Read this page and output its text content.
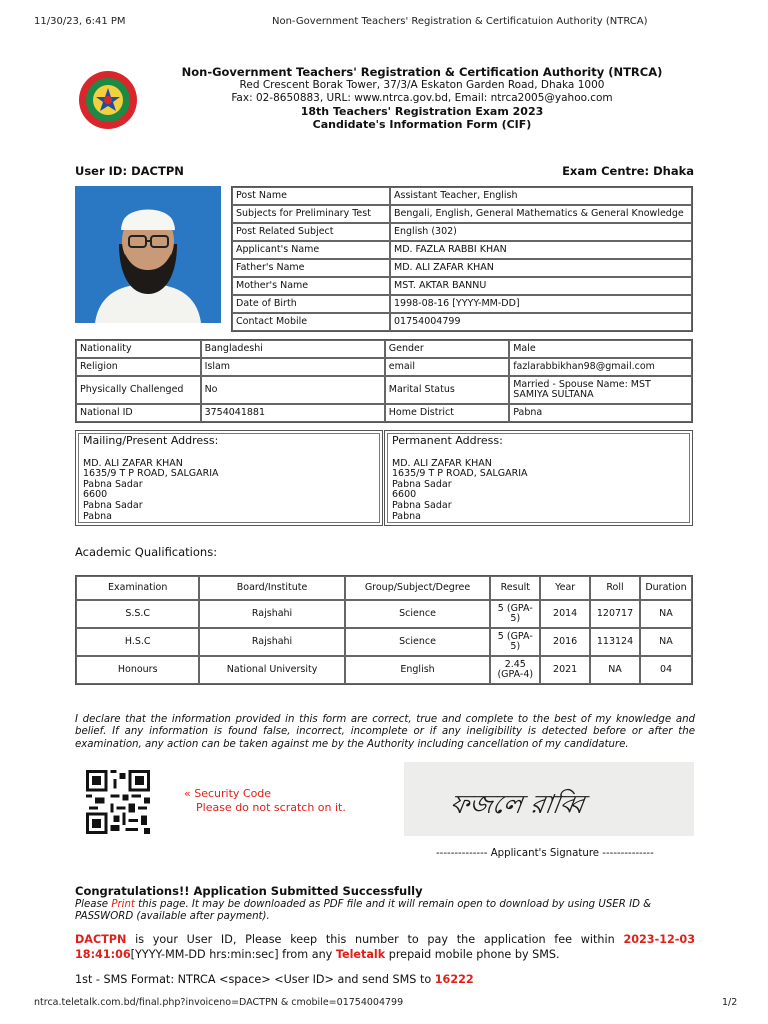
11/30/23, 6:41 PM	Non-Government Teachers' Registration & Certificatuion Authority (NTRCA)
Non-Government Teachers' Registration & Certification Authority (NTRCA)
Red Crescent Borak Tower, 37/3/A Eskaton Garden Road, Dhaka 1000
Fax: 02-8650883, URL: www.ntrca.gov.bd, Email: ntrca2005@yahoo.com
18th Teachers' Registration Exam 2023
Candidate's Information Form (CIF)
User ID: DACTPN	Exam Centre: Dhaka
Post Name	Assistant Teacher, English
Subjects for Preliminary Test	Bengali, English, General Mathematics & General Knowledge
Post Related Subject	English (302)
Applicant's Name	MD. FAZLA RABBI KHAN
Father's Name	MD. ALI ZAFAR KHAN
Mother's Name	MST. AKTAR BANNU
Date of Birth	1998-08-16 [YYYY-MM-DD]
Contact Mobile	01754004799
Nationality	Bangladeshi	Gender	Male
Religion	Islam	email	fazlarabbikhan98@gmail.com
Physically Challenged	No	Marital Status	Married - Spouse Name: MST SAMIYA SULTANA
National ID	3754041881	Home District	Pabna
Mailing/Present Address:
MD. ALI ZAFAR KHAN
1635/9 T P ROAD, SALGARIA
Pabna Sadar
6600
Pabna Sadar
Pabna
Permanent Address:
MD. ALI ZAFAR KHAN
1635/9 T P ROAD, SALGARIA
Pabna Sadar
6600
Pabna Sadar
Pabna
Academic Qualifications:
Examination	Board/Institute	Group/Subject/Degree	Result	Year	Roll	Duration
S.S.C	Rajshahi	Science	5 (GPA-5)	2014	120717	NA
H.S.C	Rajshahi	Science	5 (GPA-5)	2016	113124	NA
Honours	National University	English	2.45 (GPA-4)	2021	NA	04
I declare that the information provided in this form are correct, true and complete to the best of my knowledge and belief. If any information is found false, incorrect, incomplete or if any ineligibility is detected before or after the examination, any action can be taken against me by the Authority including cancellation of my candidature.
« Security Code
Please do not scratch on it.	ফজলে রাব্বি
-------------- Applicant's Signature --------------
Congratulations!! Application Submitted Successfully
Please Print this page. It may be downloaded as PDF file and it will remain open to download by using USER ID & PASSWORD (available after payment).
DACTPN is your User ID, Please keep this number to pay the application fee within 2023-12-03 18:41:06[YYYY-MM-DD hrs:min:sec] from any Teletalk prepaid mobile phone by SMS.
1st - SMS Format: NTRCA <space> <User ID> and send SMS to 16222
ntrca.teletalk.com.bd/final.php?invoiceno=DACTPN & cmobile=01754004799	1/2
